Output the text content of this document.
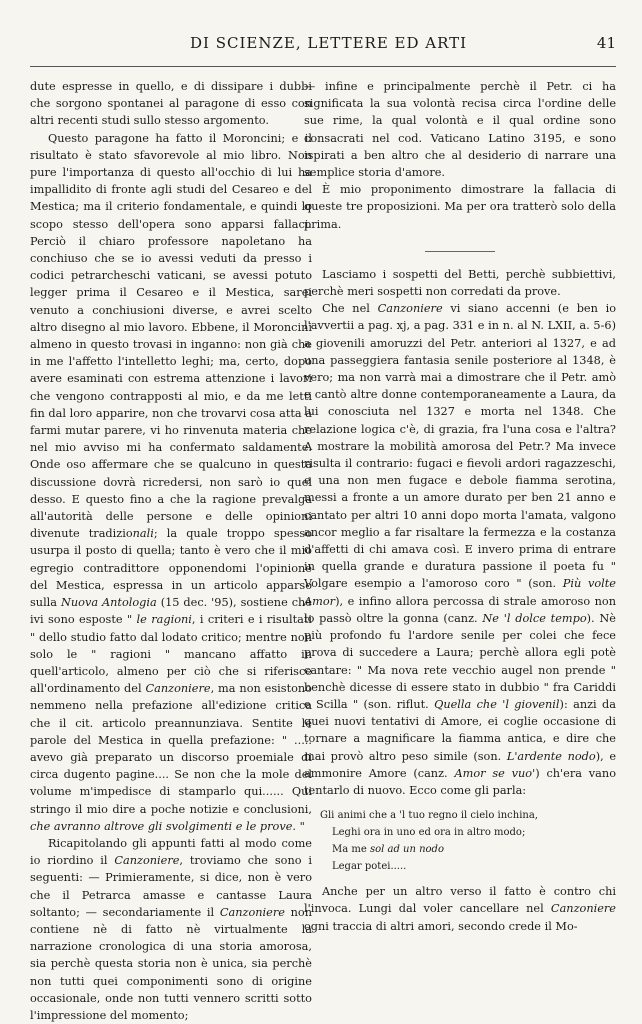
DI SCIENZE, LETTERE ED ARTI	41

dute espresse in quello, e di dissipare i dubbi che sorgono spontanei al paragone di esso con altri recenti studi sullo stesso argomento.

Questo paragone ha fatto il Moroncini; e il risultato è stato sfavorevole al mio libro. Non pure l'importanza di questo all'occhio di lui ha impallidito di fronte agli studi del Cesareo e del Mestica; ma il criterio fondamentale, e quindi lo scopo stesso dell'opera sono apparsi fallaci. Perciò il chiaro professore napoletano ha conchiuso che se io avessi veduti da presso i codici petrarcheschi vaticani, se avessi potuto legger prima il Cesareo e il Mestica, sarei venuto a conchiusioni diverse, e avrei scelto altro disegno al mio lavoro. Ebbene, il Moroncini almeno in questo trovasi in inganno: non già che in me l'affetto l'intelletto leghi; ma, certo, dopo avere esaminati con estrema attenzione i lavori che vengono contrapposti al mio, e da me letti fin dal loro apparire, non che trovarvi cosa atta a farmi mutar parere, vi ho rinvenuta materia che nel mio avviso mi ha confermato saldamente. Onde oso affermare che se qualcuno in questa discussione dovrà ricredersi, non sarò io quel desso. E questo fino a che la ragione prevalga all'autorità delle persone e delle opinioni divenute tradizionali; la quale troppo spesso usurpa il posto di quella; tanto è vero che il mio egregio contradittore opponendomi l'opinione del Mestica, espressa in un articolo apparso sulla Nuova Antologia (15 dec. '95), sostiene che ivi sono esposte " le ragioni, i criteri e i risultati " dello studio fatto dal lodato critico; mentre non solo le " ragioni " mancano affatto in quell'articolo, almeno per ciò che si riferisce all'ordinamento del Canzoniere, ma non esistono nemmeno nella prefazione all'edizione critica che il cit. articolo preannunziava. Sentite le parole del Mestica in quella prefazione: " ..... avevo già preparato un discorso proemiale di circa dugento pagine.... Se non che la mole del volume m'impedisce di stamparlo qui...... Qui stringo il mio dire a poche notizie e conclusioni, che avranno altrove gli svolgimenti e le prove. "

Ricapitolando gli appunti fatti al modo come io riordino il Canzoniere, troviamo che sono i seguenti: — Primieramente, si dice, non è vero che il Petrarca amasse e cantasse Laura soltanto; — secondariamente il Canzoniere non contiene nè di fatto nè virtualmente la narrazione cronologica di una storia amorosa, sia perchè questa storia non è unica, sia perchè non tutti quei componimenti sono di origine occasionale, onde non tutti vennero scritti sotto l'impressione del momento;

— infine e principalmente perchè il Petr. ci ha significata la sua volontà recisa circa l'ordine delle sue rime, la qual volontà e il qual ordine sono consacrati nel cod. Vaticano Latino 3195, e sono ispirati a ben altro che al desiderio di narrare una semplice storia d'amore.

È mio proponimento dimostrare la fallacia di queste tre proposizioni. Ma per ora tratterò solo della prima.

Lasciamo i sospetti del Betti, perchè subbiettivi, perchè meri sospetti non corredati da prove.

Che nel Canzoniere vi siano accenni (e ben io l'avvertii a pag. xj, a pag. 331 e in n. al N. LXII, a. 5-6) a giovenili amoruzzi del Petr. anteriori al 1327, e ad una passeggiera fantasia senile posteriore al 1348, è vero; ma non varrà mai a dimostrare che il Petr. amò e cantò altre donne contemporaneamente a Laura, da lui conosciuta nel 1327 e morta nel 1348. Che relazione logica c'è, di grazia, fra l'una cosa e l'altra? A mostrare la mobilità amorosa del Petr.? Ma invece risulta il contrario: fugaci e fievoli ardori ragazzeschi, e una non men fugace e debole fiamma serotina, messi a fronte a un amore durato per ben 21 anno e cantato per altri 10 anni dopo morta l'amata, valgono ancor meglio a far risaltare la fermezza e la costanza d'affetti di chi amava così. E invero prima di entrare in quella grande e duratura passione il poeta fu " Volgare esempio a l'amoroso coro " (son. Più volte Amor), e infino allora percossa di strale amoroso non lo passò oltre la gonna (canz. Ne 'l dolce tempo). Nè più profondo fu l'ardore senile per colei che fece prova di succedere a Laura; perchè allora egli potè cantare: " Ma nova rete vecchio augel non prende " benchè dicesse di essere stato in dubbio " fra Cariddi e Scilla " (son. riflut. Quella che 'l giovenil): anzi da quei nuovi tentativi di Amore, ei coglie occasione di tornare a magnificare la fiamma antica, e dire che mai provò altro peso simile (son. L'ardente nodo), e ammonire Amore (canz. Amor se vuo') ch'era vano tentarlo di nuovo. Ecco come gli parla:

Gli animi che a 'l tuo regno il cielo inchina,
Leghi ora in uno ed ora in altro modo;
Ma me sol ad un nodo
Legar potei.....

Anche per un altro verso il fatto è contro chi l'invoca. Lungi dal voler cancellare nel Canzoniere ogni traccia di altri amori, secondo crede il Mo-
